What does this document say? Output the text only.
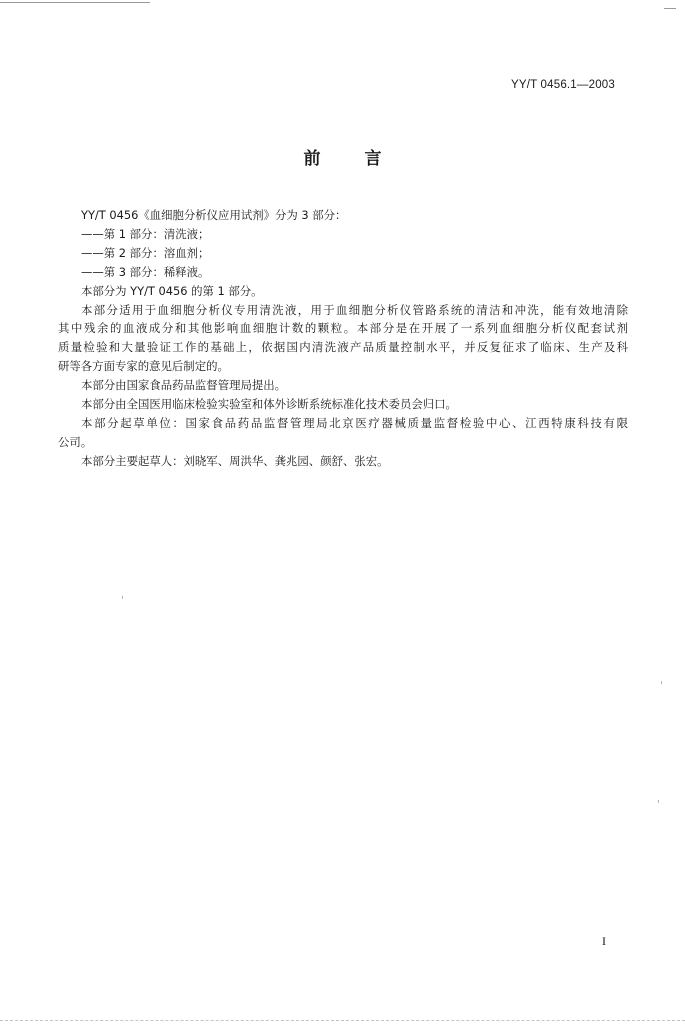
YY/T 0456.1—2003
前言
YY/T 0456《血细胞分析仪应用试剂》分为 3 部分：
——第 1 部分：清洗液；
——第 2 部分：溶血剂；
——第 3 部分：稀释液。
本部分为 YY/T 0456 的第 1 部分。
本部分适用于血细胞分析仪专用清洗液，用于血细胞分析仪管路系统的清洁和冲洗，能有效地清除
其中残余的血液成分和其他影响血细胞计数的颗粒。本部分是在开展了一系列血细胞分析仪配套试剂
质量检验和大量验证工作的基础上，依据国内清洗液产品质量控制水平，并反复征求了临床、生产及科
研等各方面专家的意见后制定的。
本部分由国家食品药品监督管理局提出。
本部分由全国医用临床检验实验室和体外诊断系统标准化技术委员会归口。
本部分起草单位：国家食品药品监督管理局北京医疗器械质量监督检验中心、江西特康科技有限
公司。
本部分主要起草人：刘晓军、周洪华、龚兆园、颜舒、张宏。
I
